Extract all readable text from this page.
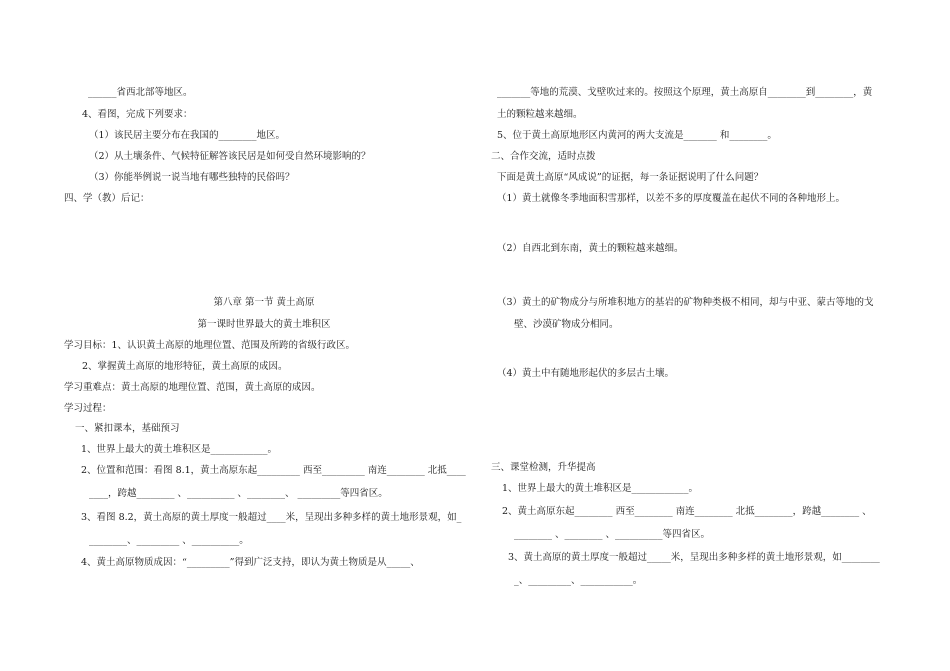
______省西北部等地区。
4、看图，完成下列要求：
（1）该民居主要分布在我国的________地区。
（2）从土壤条件、气候特征解答该民居是如何受自然环境影响的？
（3）你能举例说一说当地有哪些独特的民俗吗？
四、学（教）后记：
第八章 第一节 黄土高原
第一课时世界最大的黄土堆积区
学习目标：1、认识黄土高原的地理位置、范围及所跨的省级行政区。
2、掌握黄土高原的地形特征，黄土高原的成因。
学习重难点：黄土高原的地理位置、范围，黄土高原的成因。
学习过程：
一、紧扣课本，基础预习
1、世界上最大的黄土堆积区是____________。
2、位置和范围：看图 8.1，黄土高原东起_________ 西至_________ 南连________ 北抵____
____，跨越________ 、__________ 、________、 _________等四省区。
3、看图 8.2，黄土高原的黄土厚度一般超过____米，呈现出多种多样的黄土地形景观，如_
________、_________ 、__________。
4、黄土高原物质成因：“_________”得到广泛支持，即认为黄土物质是从_____、
_______等地的荒漠、戈壁吹过来的。按照这个原理，黄土高原自________到________，黄
土的颗粒越来越细。
5、位于黄土高原地形区内黄河的两大支流是_______ 和________。
二、合作交流，适时点拨
下面是黄土高原“风成说”的证据，每一条证据说明了什么问题？
（1）黄土就像冬季地面积雪那样，以差不多的厚度覆盖在起伏不同的各种地形上。
（2）自西北到东南，黄土的颗粒越来越细。
（3）黄土的矿物成分与所堆积地方的基岩的矿物种类极不相同，却与中亚、蒙古等地的戈
壁、沙漠矿物成分相同。
（4）黄土中有随地形起伏的多层古土壤。
三、课堂检测，升华提高
1、世界上最大的黄土堆积区是____________。
2、黄土高原东起________ 西至________ 南连________ 北抵________，跨越________ 、
________ 、________ 、__________等四省区。
3、黄土高原的黄土厚度一般超过_____米，呈现出多种多样的黄土地形景观，如________
_、_________、___________。
